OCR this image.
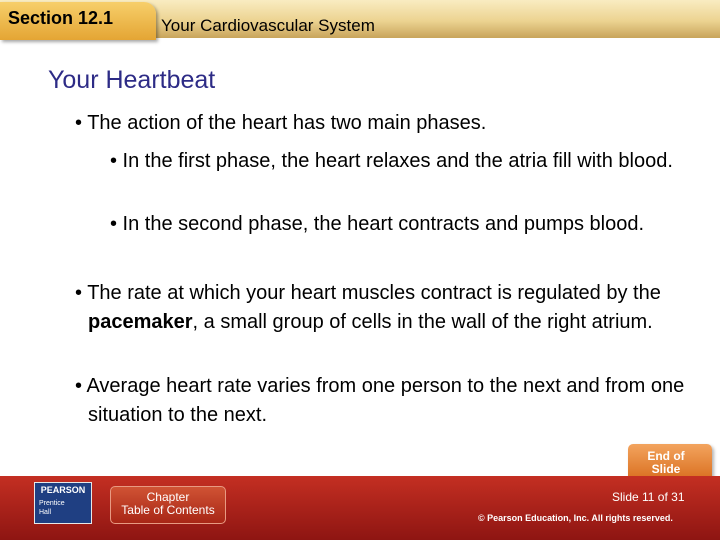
Section 12.1	Your Cardiovascular System
Your Heartbeat
• The action of the heart has two main phases.
• In the first phase, the heart relaxes and the atria fill with blood.
• In the second phase, the heart contracts and pumps blood.
• The rate at which your heart muscles contract is regulated by the pacemaker, a small group of cells in the wall of the right atrium.
• Average heart rate varies from one person to the next and from one situation to the next.
End of
Slide
PEARSON
Prentice
Hall
Chapter
Table of Contents
Slide 11 of 31
© Pearson Education, Inc. All rights reserved.
